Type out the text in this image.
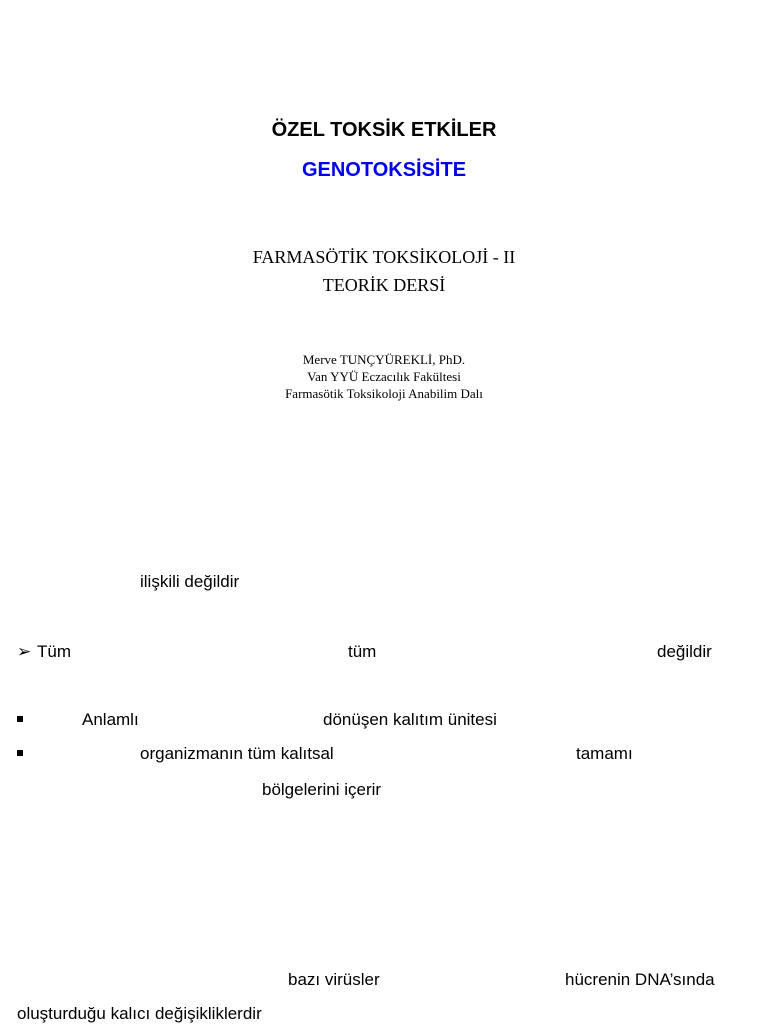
ÖZEL TOKSİK ETKİLER
GENOTOKSİSİTE
FARMASÖTİK TOKSİKOLOJİ - II
TEORİK DERSİ
Merve TUNÇYÜREKLİ, PhD.
Van YYÜ Eczacılık Fakültesi
Farmasötik Toksikoloji Anabilim Dalı
ilişkili değildir
➢ Tüm	tüm	değildir
Anlamlı	dönüşen kalıtım ünitesi
organizmanın tüm kalıtsal	tamamı
bölgelerini içerir
bazı virüsler	hücrenin DNA’sında
oluşturduğu kalıcı değişikliklerdir
